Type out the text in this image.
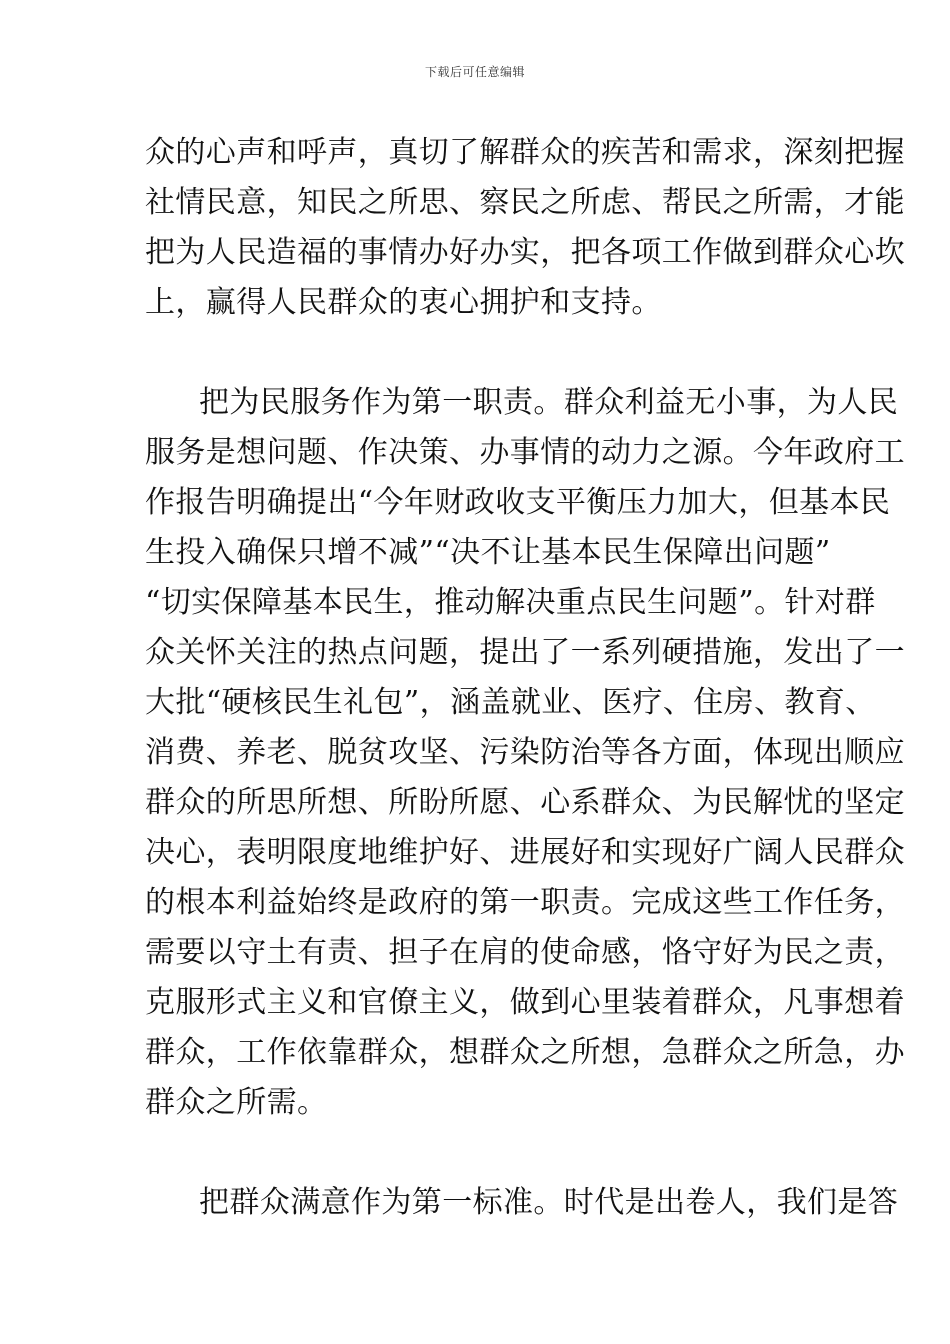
下载后可任意编辑
众的心声和呼声，真切了解群众的疾苦和需求，深刻把握
社情民意，知民之所思、察民之所虑、帮民之所需，才能
把为人民造福的事情办好办实，把各项工作做到群众心坎
上，赢得人民群众的衷心拥护和支持。
把为民服务作为第一职责。群众利益无小事，为人民
服务是想问题、作决策、办事情的动力之源。今年政府工
作报告明确提出“今年财政收支平衡压力加大，但基本民
生投入确保只增不减”“决不让基本民生保障出问题”
“切实保障基本民生，推动解决重点民生问题”。针对群
众关怀关注的热点问题，提出了一系列硬措施，发出了一
大批“硬核民生礼包”，涵盖就业、医疗、住房、教育、
消费、养老、脱贫攻坚、污染防治等各方面，体现出顺应
群众的所思所想、所盼所愿、心系群众、为民解忧的坚定
决心，表明限度地维护好、进展好和实现好广阔人民群众
的根本利益始终是政府的第一职责。完成这些工作任务，
需要以守土有责、担子在肩的使命感，恪守好为民之责，
克服形式主义和官僚主义，做到心里装着群众，凡事想着
群众，工作依靠群众，想群众之所想，急群众之所急，办
群众之所需。
把群众满意作为第一标准。时代是出卷人，我们是答
